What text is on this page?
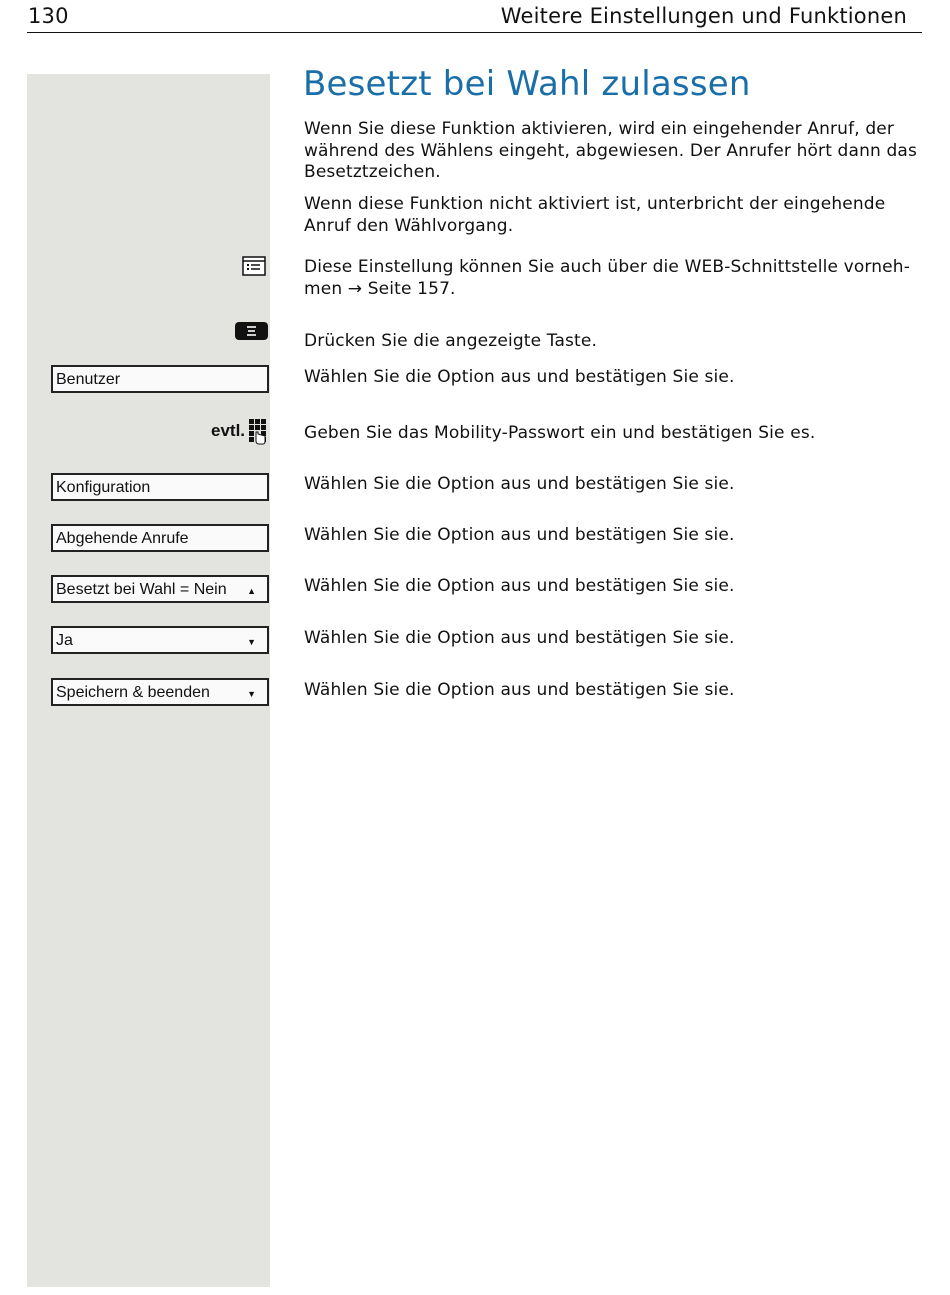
130	Weitere Einstellungen und Funktionen
Besetzt bei Wahl zulassen
Wenn Sie diese Funktion aktivieren, wird ein eingehender Anruf, der während des Wählens eingeht, abgewiesen. Der Anrufer hört dann das Besetztzeichen.
Wenn diese Funktion nicht aktiviert ist, unterbricht der eingehende Anruf den Wählvorgang.
Diese Einstellung können Sie auch über die WEB-Schnittstelle vorneh-
men → Seite 157.
Drücken Sie die angezeigte Taste.
Benutzer	Wählen Sie die Option aus und bestätigen Sie sie.
evtl.	Geben Sie das Mobility-Passwort ein und bestätigen Sie es.
Konfiguration	Wählen Sie die Option aus und bestätigen Sie sie.
Abgehende Anrufe	Wählen Sie die Option aus und bestätigen Sie sie.
Besetzt bei Wahl = Nein ▲	Wählen Sie die Option aus und bestätigen Sie sie.
Ja	▼	Wählen Sie die Option aus und bestätigen Sie sie.
Speichern & beenden	▼	Wählen Sie die Option aus und bestätigen Sie sie.
